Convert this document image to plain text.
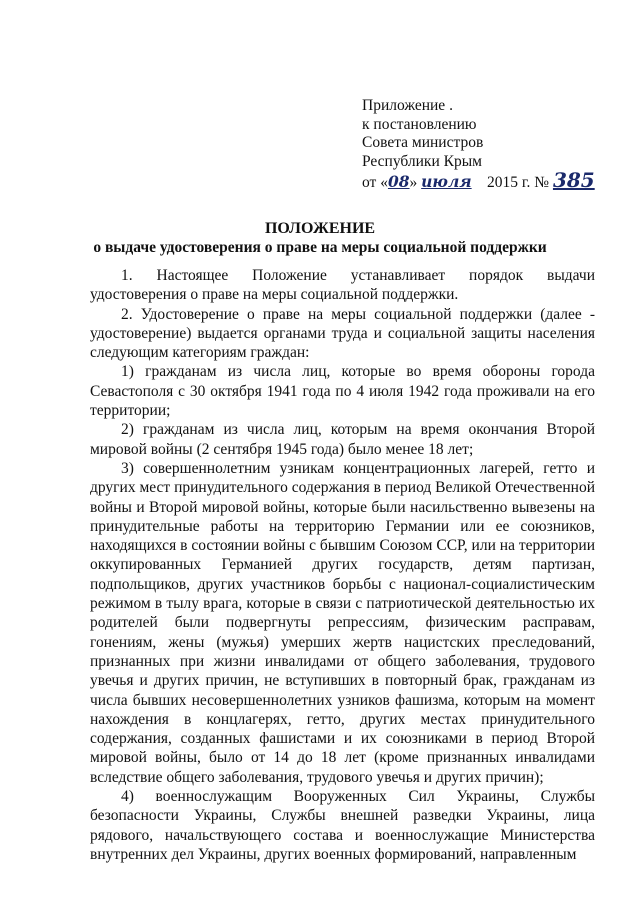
Приложение .
к постановлению
Совета министров
Республики Крым
от «08» июля 2015 г. № 385
ПОЛОЖЕНИЕ
о выдаче удостоверения о праве на меры социальной поддержки

1. Настоящее Положение устанавливает порядок выдачи удостоверения о праве на меры социальной поддержки.

2. Удостоверение о праве на меры социальной поддержки (далее - удостоверение) выдается органами труда и социальной защиты населения следующим категориям граждан:

1) гражданам из числа лиц, которые во время обороны города Севастополя с 30 октября 1941 года по 4 июля 1942 года проживали на его территории;

2) гражданам из числа лиц, которым на время окончания Второй мировой войны (2 сентября 1945 года) было менее 18 лет;

3) совершеннолетним узникам концентрационных лагерей, гетто и других мест принудительного содержания в период Великой Отечественной войны и Второй мировой войны, которые были насильственно вывезены на принудительные работы на территорию Германии или ее союзников, находящихся в состоянии войны с бывшим Союзом ССР, или на территории оккупированных Германией других государств, детям партизан, подпольщиков, других участников борьбы с национал-социалистическим режимом в тылу врага, которые в связи с патриотической деятельностью их родителей были подвергнуты репрессиям, физическим расправам, гонениям, жены (мужья) умерших жертв нацистских преследований, признанных при жизни инвалидами от общего заболевания, трудового увечья и других причин, не вступивших в повторный брак, гражданам из числа бывших несовершеннолетних узников фашизма, которым на момент нахождения в концлагерях, гетто, других местах принудительного содержания, созданных фашистами и их союзниками в период Второй мировой войны, было от 14 до 18 лет (кроме признанных инвалидами вследствие общего заболевания, трудового увечья и других причин);

4) военнослужащим Вооруженных Сил Украины, Службы безопасности Украины, Службы внешней разведки Украины, лица рядового, начальствующего состава и военнослужащие Министерства внутренних дел Украины, других военных формирований, направленным
